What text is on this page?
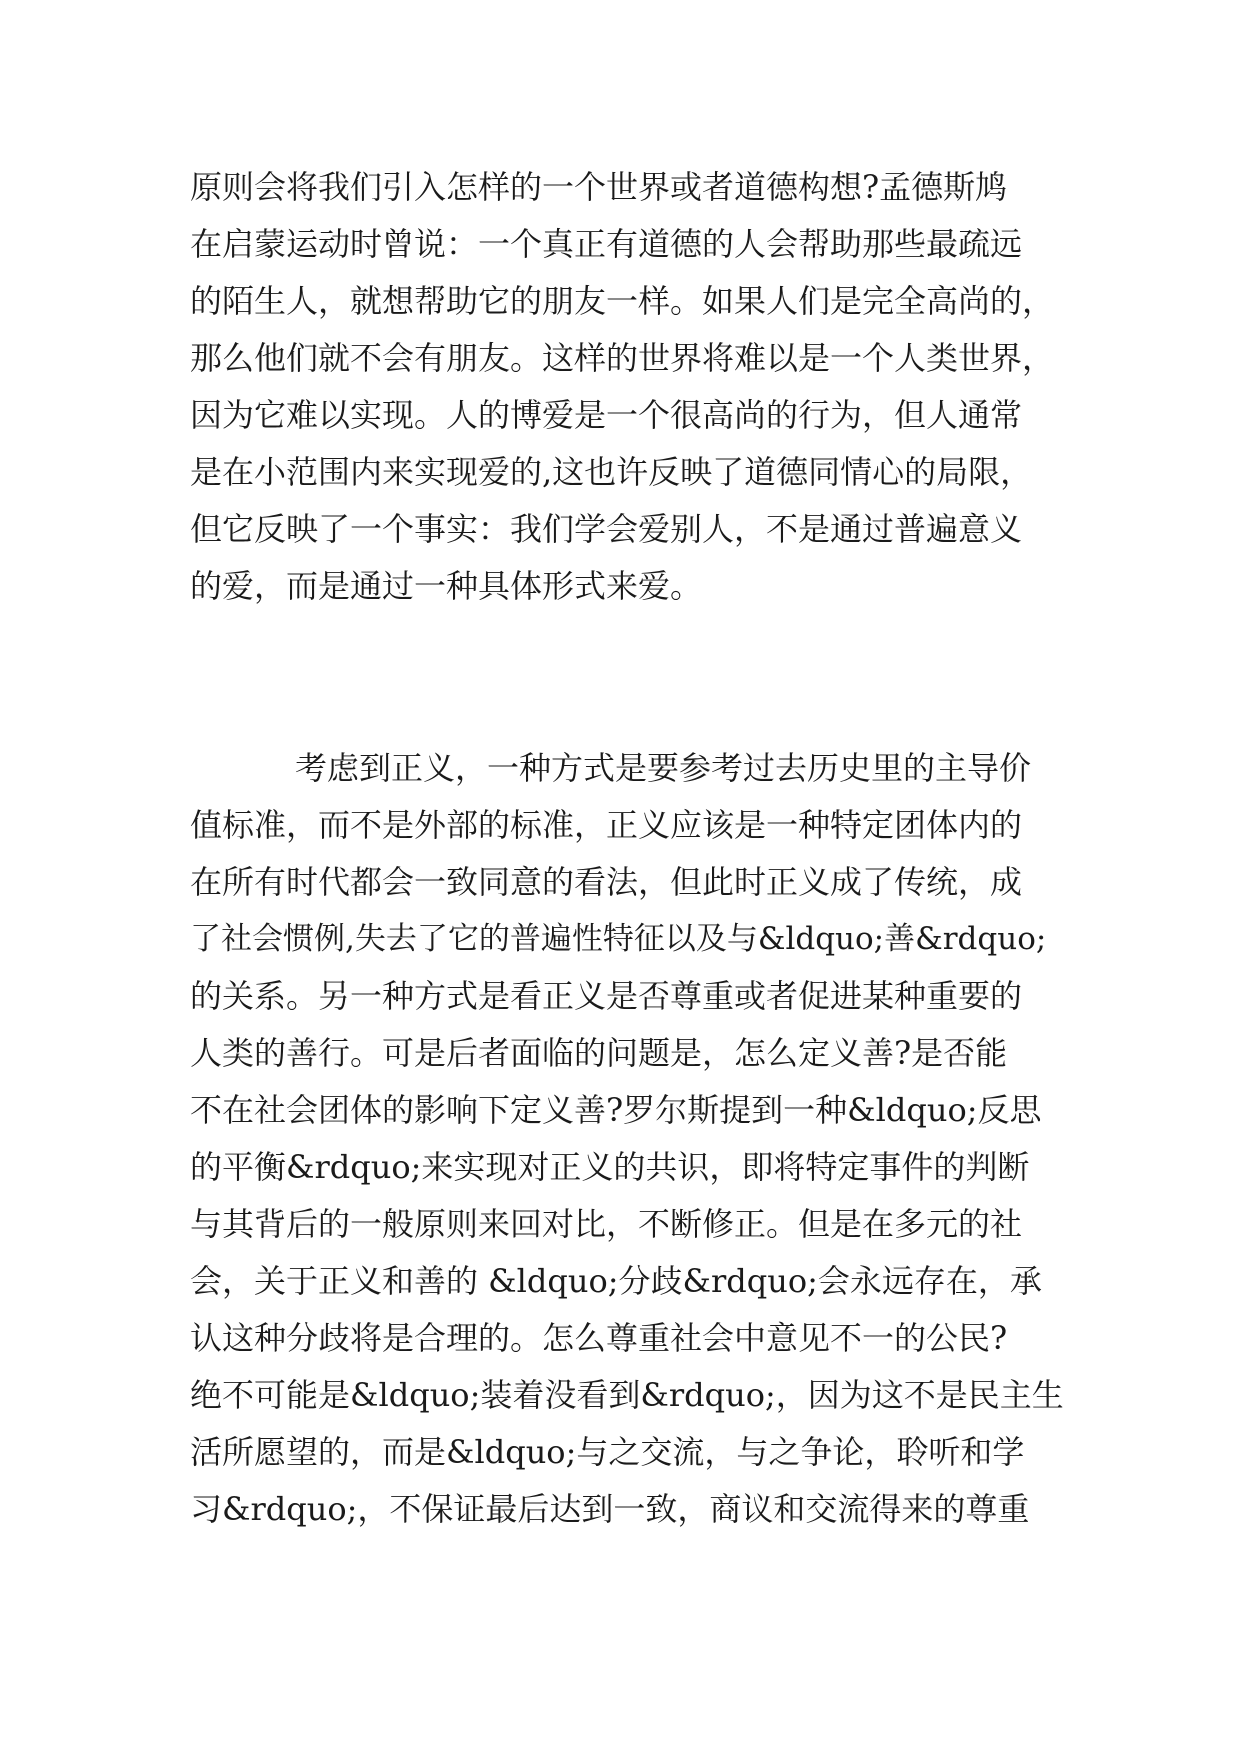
原则会将我们引入怎样的一个世界或者道德构想?孟德斯鸠
在启蒙运动时曾说：一个真正有道德的人会帮助那些最疏远
的陌生人，就想帮助它的朋友一样。如果人们是完全高尚的，
那么他们就不会有朋友。这样的世界将难以是一个人类世界，
因为它难以实现。人的博爱是一个很高尚的行为，但人通常
是在小范围内来实现爱的,这也许反映了道德同情心的局限，
但它反映了一个事实：我们学会爱别人，不是通过普遍意义
的爱，而是通过一种具体形式来爱。

考虑到正义，一种方式是要参考过去历史里的主导价
值标准，而不是外部的标准，正义应该是一种特定团体内的
在所有时代都会一致同意的看法，但此时正义成了传统，成
了社会惯例,失去了它的普遍性特征以及与&ldquo;善&rdquo;
的关系。另一种方式是看正义是否尊重或者促进某种重要的
人类的善行。可是后者面临的问题是，怎么定义善?是否能
不在社会团体的影响下定义善?罗尔斯提到一种&ldquo;反思
的平衡&rdquo;来实现对正义的共识，即将特定事件的判断
与其背后的一般原则来回对比，不断修正。但是在多元的社
会，关于正义和善的 &ldquo;分歧&rdquo;会永远存在，承
认这种分歧将是合理的。怎么尊重社会中意见不一的公民?
绝不可能是&ldquo;装着没看到&rdquo;，因为这不是民主生
活所愿望的，而是&ldquo;与之交流，与之争论，聆听和学
习&rdquo;，不保证最后达到一致，商议和交流得来的尊重
